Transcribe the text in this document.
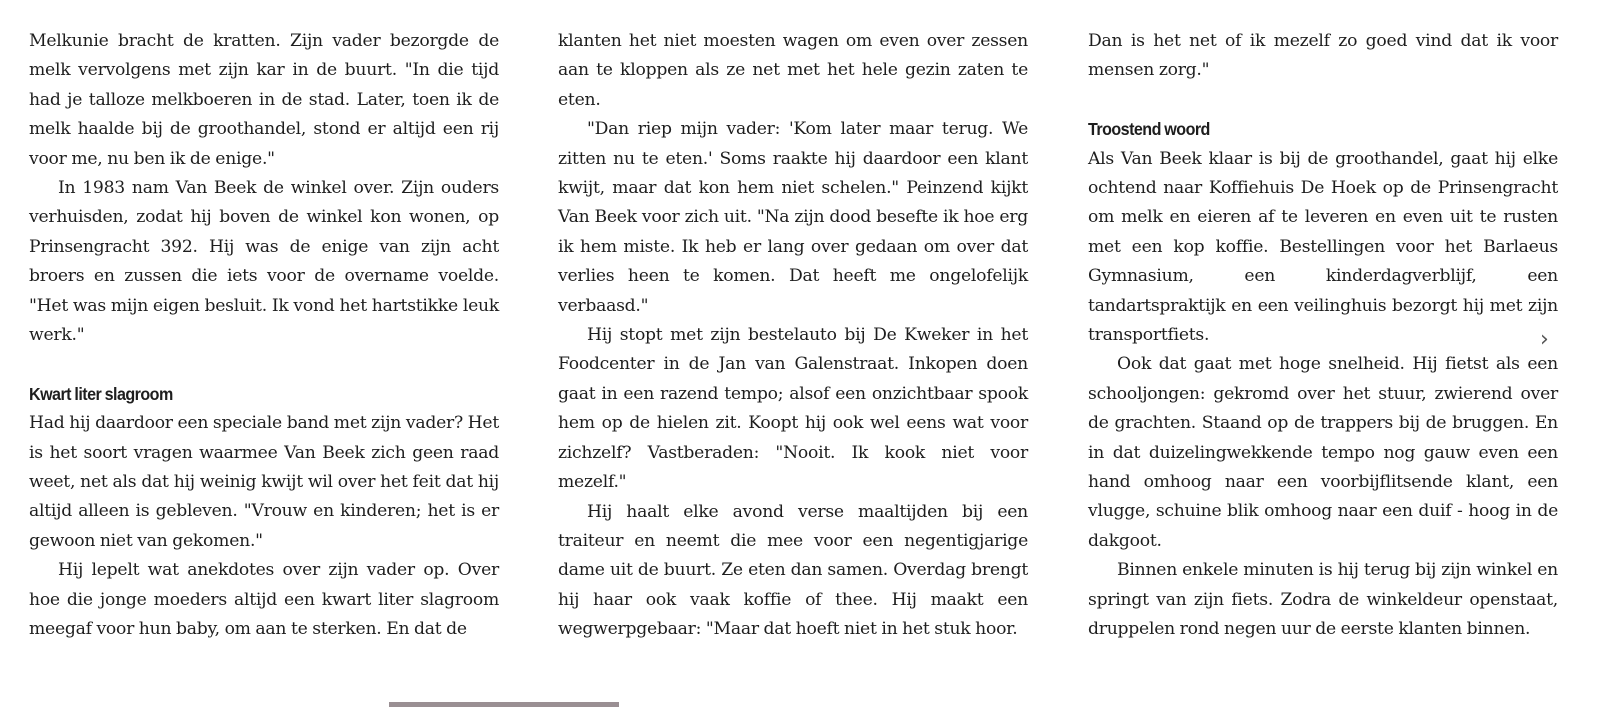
Melkunie bracht de kratten. Zijn vader bezorgde de melk vervolgens met zijn kar in de buurt. "In die tijd had je talloze melkboeren in de stad. Later, toen ik de melk haalde bij de groothandel, stond er altijd een rij voor me, nu ben ik de enige."

In 1983 nam Van Beek de winkel over. Zijn ouders verhuisden, zodat hij boven de winkel kon wonen, op Prinsengracht 392. Hij was de enige van zijn acht broers en zussen die iets voor de overname voelde. "Het was mijn eigen besluit. Ik vond het hartstikke leuk werk."

Kwart liter slagroom

Had hij daardoor een speciale band met zijn vader? Het is het soort vragen waarmee Van Beek zich geen raad weet, net als dat hij weinig kwijt wil over het feit dat hij altijd alleen is gebleven. "Vrouw en kinderen; het is er gewoon niet van gekomen."

Hij lepelt wat anekdotes over zijn vader op. Over hoe die jonge moeders altijd een kwart liter slagroom meegaf voor hun baby, om aan te sterken. En dat de

klanten het niet moesten wagen om even over zessen aan te kloppen als ze net met het hele gezin zaten te eten.

"Dan riep mijn vader: 'Kom later maar terug. We zitten nu te eten.' Soms raakte hij daardoor een klant kwijt, maar dat kon hem niet schelen." Peinzend kijkt Van Beek voor zich uit. "Na zijn dood besefte ik hoe erg ik hem miste. Ik heb er lang over gedaan om over dat verlies heen te komen. Dat heeft me ongelofelijk verbaasd."

Hij stopt met zijn bestelauto bij De Kweker in het Foodcenter in de Jan van Galenstraat. Inkopen doen gaat in een razend tempo; alsof een onzichtbaar spook hem op de hielen zit. Koopt hij ook wel eens wat voor zichzelf? Vastberaden: "Nooit. Ik kook niet voor mezelf."

Hij haalt elke avond verse maaltijden bij een traiteur en neemt die mee voor een negentigjarige dame uit de buurt. Ze eten dan samen. Overdag brengt hij haar ook vaak koffie of thee. Hij maakt een wegwerpgebaar: "Maar dat hoeft niet in het stuk hoor.

Dan is het net of ik mezelf zo goed vind dat ik voor mensen zorg."

Troostend woord

Als Van Beek klaar is bij de groothandel, gaat hij elke ochtend naar Koffiehuis De Hoek op de Prinsengracht om melk en eieren af te leveren en even uit te rusten met een kop koffie. Bestellingen voor het Barlaeus Gymnasium, een kinderdagverblijf, een tandartspraktijk en een veilinghuis bezorgt hij met zijn transportfiets.

Ook dat gaat met hoge snelheid. Hij fietst als een schooljongen: gekromd over het stuur, zwierend over de grachten. Staand op de trappers bij de bruggen. En in dat duizelingwekkende tempo nog gauw even een hand omhoog naar een voorbijflitsende klant, een vlugge, schuine blik omhoog naar een duif - hoog in de dakgoot.

Binnen enkele minuten is hij terug bij zijn winkel en springt van zijn fiets. Zodra de winkeldeur openstaat, druppelen rond negen uur de eerste klanten binnen.

›
